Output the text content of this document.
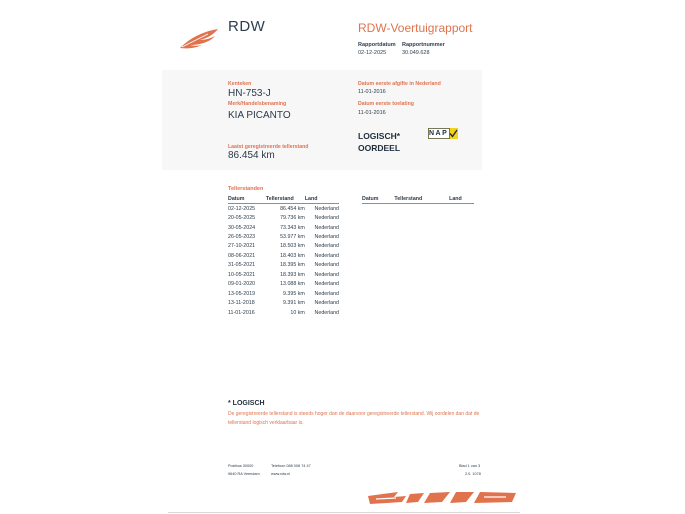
RDW	RDW-Voertuigrapport
Rapportdatum
02-12-2025
Rapportnummer
30.049.628
Kenteken
HN-753-J
Merk/Handelsbenaming
KIA PICANTO
Laatst geregistreerde tellerstand
86.454 km
Datum eerste afgifte in Nederland
11-01-2016
Datum eerste toelating
11-01-2016
LOGISCH*
OORDEEL
NAP
Tellerstanden
Datum	Tellerstand	Land
02-12-2025	86.454 km	Nederland
20-05-2025	79.736 km	Nederland
30-05-2024	73.343 km	Nederland
26-05-2023	53.977 km	Nederland
27-10-2021	18.503 km	Nederland
08-06-2021	18.403 km	Nederland
31-05-2021	18.395 km	Nederland
10-05-2021	18.393 km	Nederland
09-01-2020	13.088 km	Nederland
13-05-2019	9.395 km	Nederland
13-11-2018	9.391 km	Nederland
11-01-2016	10 km	Nederland
Datum	Tellerstand	Land
* LOGISCH
De geregistreerde tellerstand is steeds hoger dan de daarvoor geregistreerde tellerstand. Wij oordelen dan dat de tellerstand logisch verklaarbaar is.
Postbus 30000
9640 RA Veendam
Telefoon 088 008 74 47
www.rdw.nl
Blad 1 van 3
2.0. 1078
